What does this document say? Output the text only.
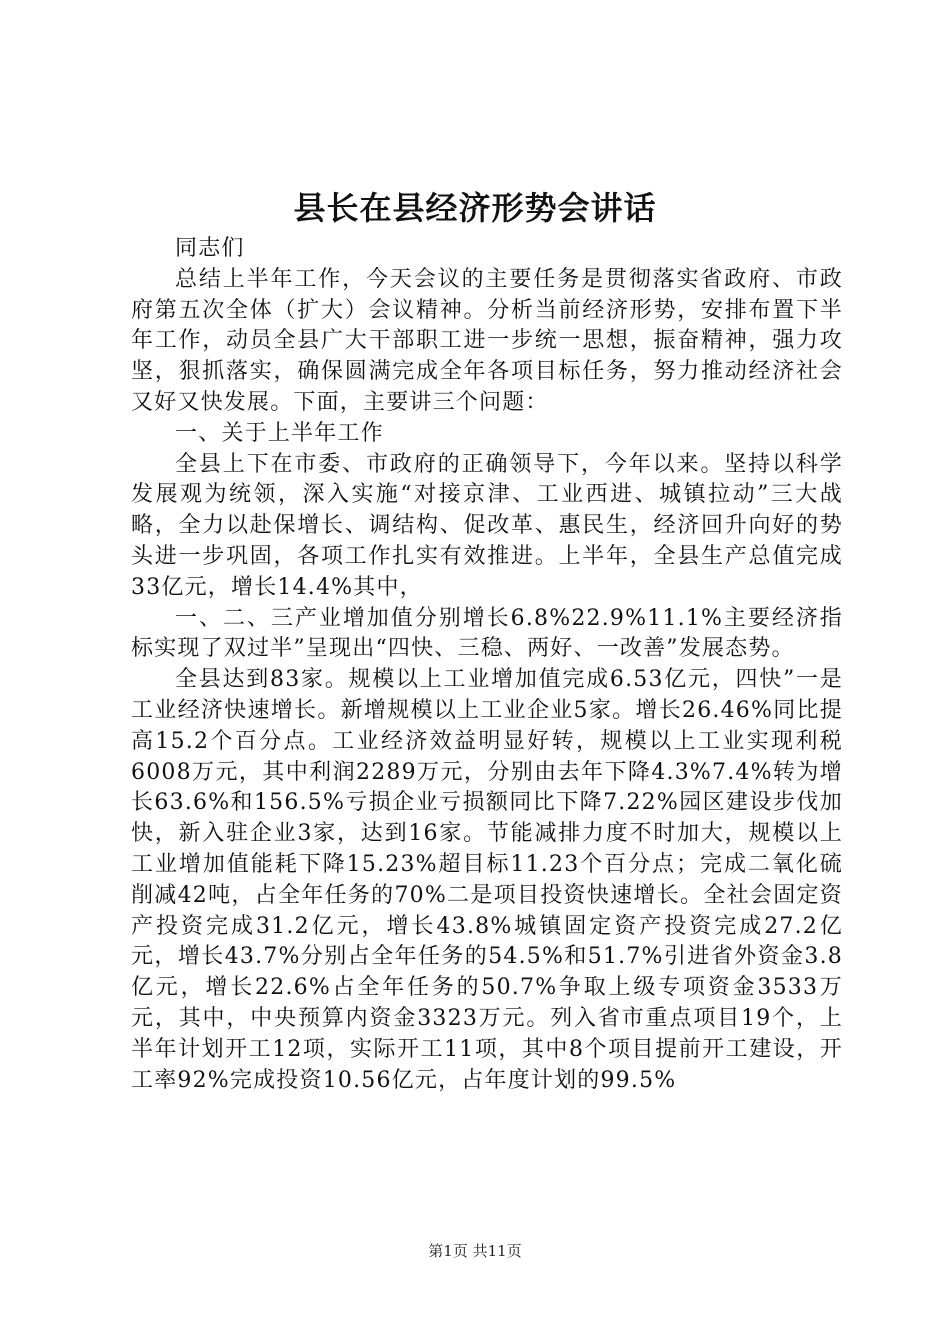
县长在县经济形势会讲话

同志们

总结上半年工作，今天会议的主要任务是贯彻落实省政府、市政府第五次全体（扩大）会议精神。分析当前经济形势，安排布置下半年工作，动员全县广大干部职工进一步统一思想，振奋精神，强力攻坚，狠抓落实，确保圆满完成全年各项目标任务，努力推动经济社会又好又快发展。下面，主要讲三个问题：

一、关于上半年工作

全县上下在市委、市政府的正确领导下，今年以来。坚持以科学发展观为统领，深入实施“对接京津、工业西进、城镇拉动”三大战略，全力以赴保增长、调结构、促改革、惠民生，经济回升向好的势头进一步巩固，各项工作扎实有效推进。上半年，全县生产总值完成33亿元，增长14.4%其中，

一、二、三产业增加值分别增长6.8%22.9%11.1%主要经济指标实现了双过半”呈现出“四快、三稳、两好、一改善”发展态势。

全县达到83家。规模以上工业增加值完成6.53亿元，四快”一是工业经济快速增长。新增规模以上工业企业5家。增长26.46%同比提高15.2个百分点。工业经济效益明显好转，规模以上工业实现利税6008万元，其中利润2289万元，分别由去年下降4.3%7.4%转为增长63.6%和156.5%亏损企业亏损额同比下降7.22%园区建设步伐加快，新入驻企业3家，达到16家。节能减排力度不时加大，规模以上工业增加值能耗下降15.23%超目标11.23个百分点；完成二氧化硫削减42吨，占全年任务的70%二是项目投资快速增长。全社会固定资产投资完成31.2亿元，增长43.8%城镇固定资产投资完成27.2亿元，增长43.7%分别占全年任务的54.5%和51.7%引进省外资金3.8亿元，增长22.6%占全年任务的50.7%争取上级专项资金3533万元，其中，中央预算内资金3323万元。列入省市重点项目19个，上半年计划开工12项，实际开工11项，其中8个项目提前开工建设，开工率92%完成投资10.56亿元，占年度计划的99.5%

第1页 共11页
